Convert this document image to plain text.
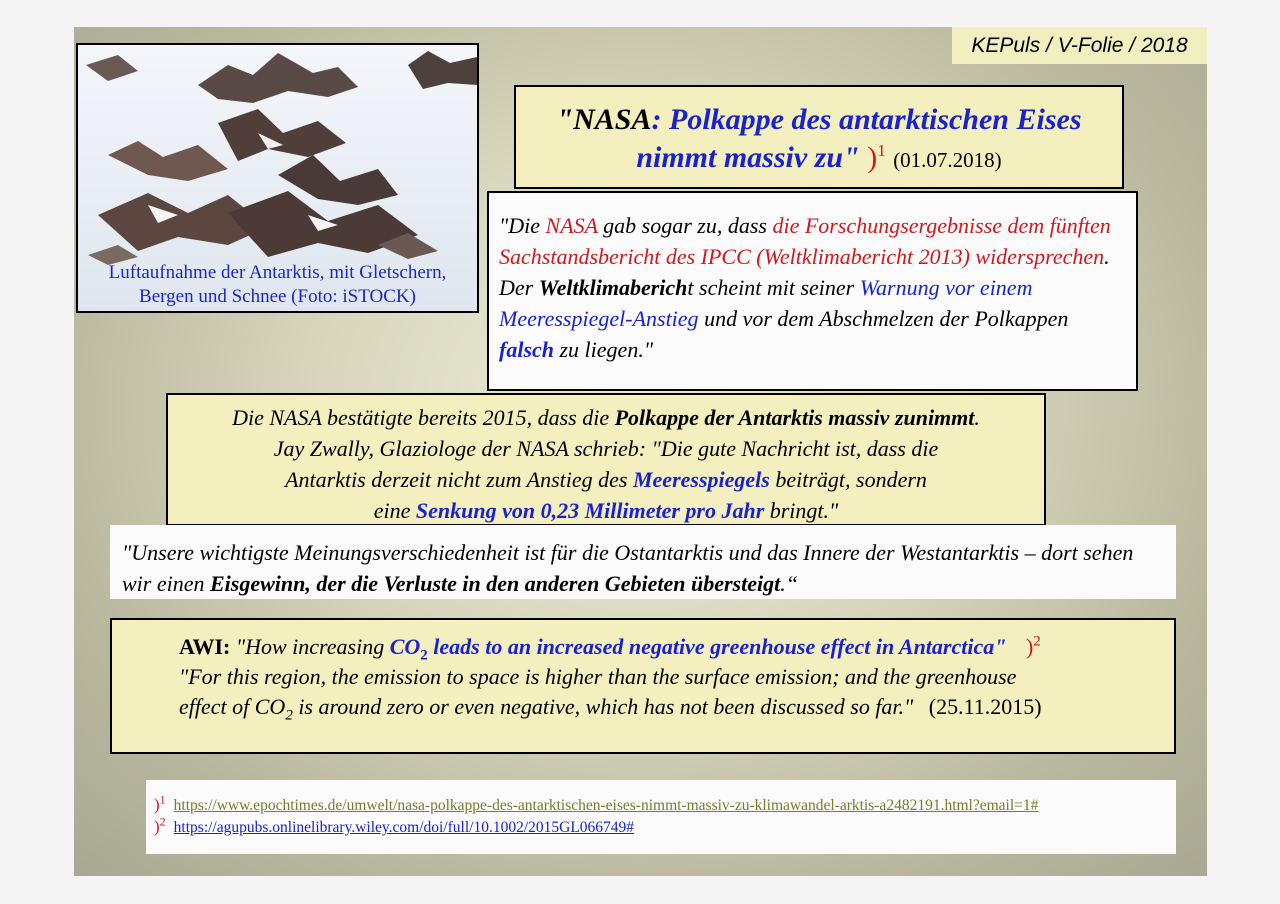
KEPuls / V-Folie / 2018
Luftaufnahme der Antarktis, mit Gletschern,
Bergen und Schnee (Foto: iSTOCK)
"NASA: Polkappe des antarktischen Eises
nimmt massiv zu" )$^1$ (01.07.2018)
"Die NASA gab sogar zu, dass die Forschungsergebnisse dem fünften Sachstandsbericht des IPCC (Weltklimabericht 2013) widersprechen. Der Weltklimabericht scheint mit seiner Warnung vor einem Meeresspiegel-Anstieg und vor dem Abschmelzen der Polkappen falsch zu liegen."
Die NASA bestätigte bereits 2015, dass die Polkappe der Antarktis massiv zunimmt.
Jay Zwally, Glaziologe der NASA schrieb: "Die gute Nachricht ist, dass die
Antarktis derzeit nicht zum Anstieg des Meeresspiegels beiträgt, sondern
eine Senkung von 0,23 Millimeter pro Jahr bringt."
"Unsere wichtigste Meinungsverschiedenheit ist für die Ostantarktis und das Innere der Westantarktis – dort sehen wir einen Eisgewinn, der die Verluste in den anderen Gebieten übersteigt.“
AWI: "How increasing $CO_2$ leads to an increased negative greenhouse effect in Antarctica" )$^2$
"For this region, the emission to space is higher than the surface emission; and the greenhouse
effect of $CO_2$ is around zero or even negative, which has not been discussed so far." (25.11.2015)
)$^1$ https://www.epochtimes.de/umwelt/nasa-polkappe-des-antarktischen-eises-nimmt-massiv-zu-klimawandel-arktis-a2482191.html?email=1#
)$^2$ https://agupubs.onlinelibrary.wiley.com/doi/full/10.1002/2015GL066749#
